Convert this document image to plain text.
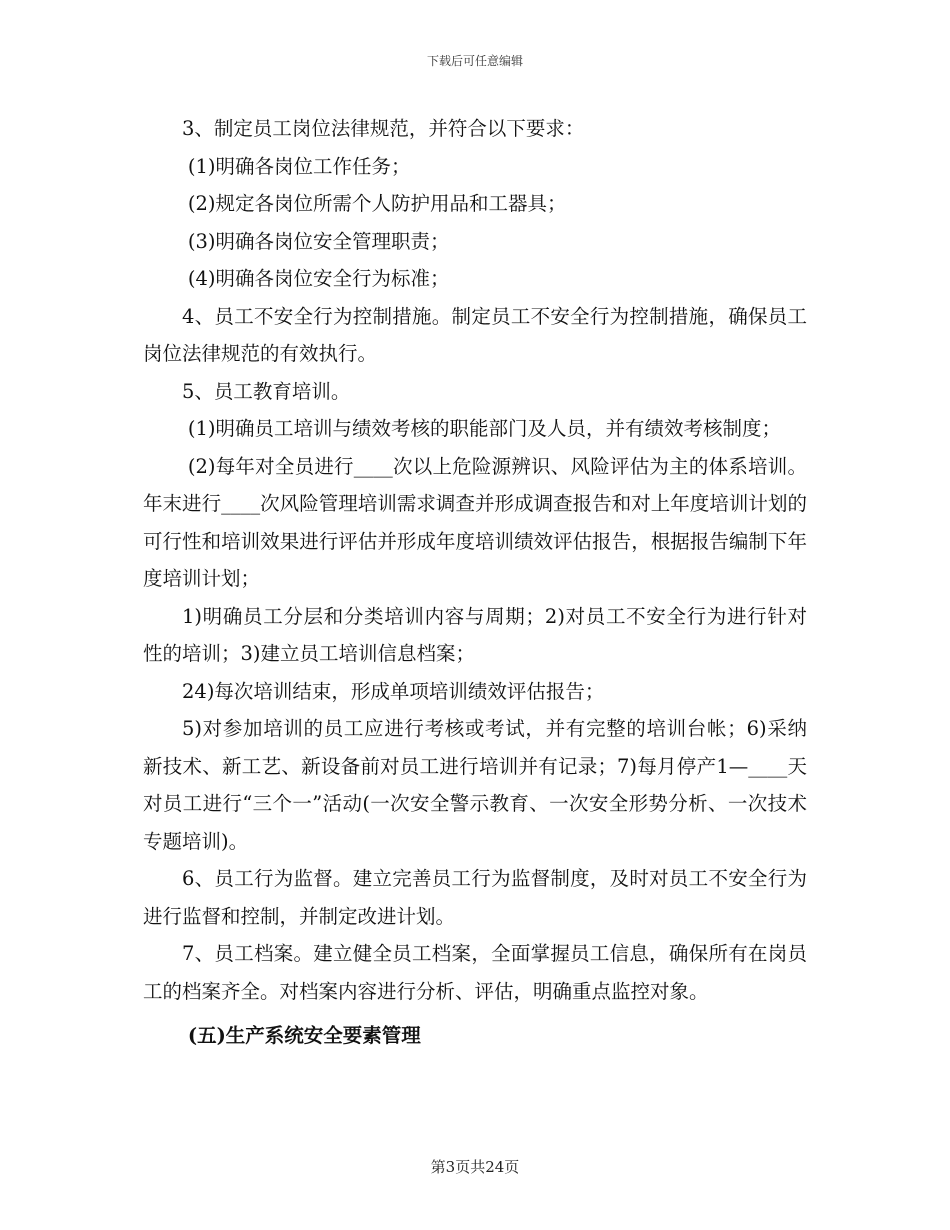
下载后可任意编辑

3、制定员工岗位法律规范，并符合以下要求：

(1)明确各岗位工作任务；

(2)规定各岗位所需个人防护用品和工器具；

(3)明确各岗位安全管理职责；

(4)明确各岗位安全行为标准；

4、员工不安全行为控制措施。制定员工不安全行为控制措施，确保员工岗位法律规范的有效执行。

5、员工教育培训。

(1)明确员工培训与绩效考核的职能部门及人员，并有绩效考核制度；

(2)每年对全员进行____次以上危险源辨识、风险评估为主的体系培训。年末进行____次风险管理培训需求调查并形成调查报告和对上年度培训计划的可行性和培训效果进行评估并形成年度培训绩效评估报告，根据报告编制下年度培训计划；

1)明确员工分层和分类培训内容与周期；2)对员工不安全行为进行针对性的培训；3)建立员工培训信息档案；

24)每次培训结束，形成单项培训绩效评估报告；

5)对参加培训的员工应进行考核或考试，并有完整的培训台帐；6)采纳新技术、新工艺、新设备前对员工进行培训并有记录；7)每月停产1—____天对员工进行“三个一”活动(一次安全警示教育、一次安全形势分析、一次技术专题培训)。

6、员工行为监督。建立完善员工行为监督制度，及时对员工不安全行为进行监督和控制，并制定改进计划。

7、员工档案。建立健全员工档案，全面掌握员工信息，确保所有在岗员工的档案齐全。对档案内容进行分析、评估，明确重点监控对象。

(五)生产系统安全要素管理

第3页共24页
